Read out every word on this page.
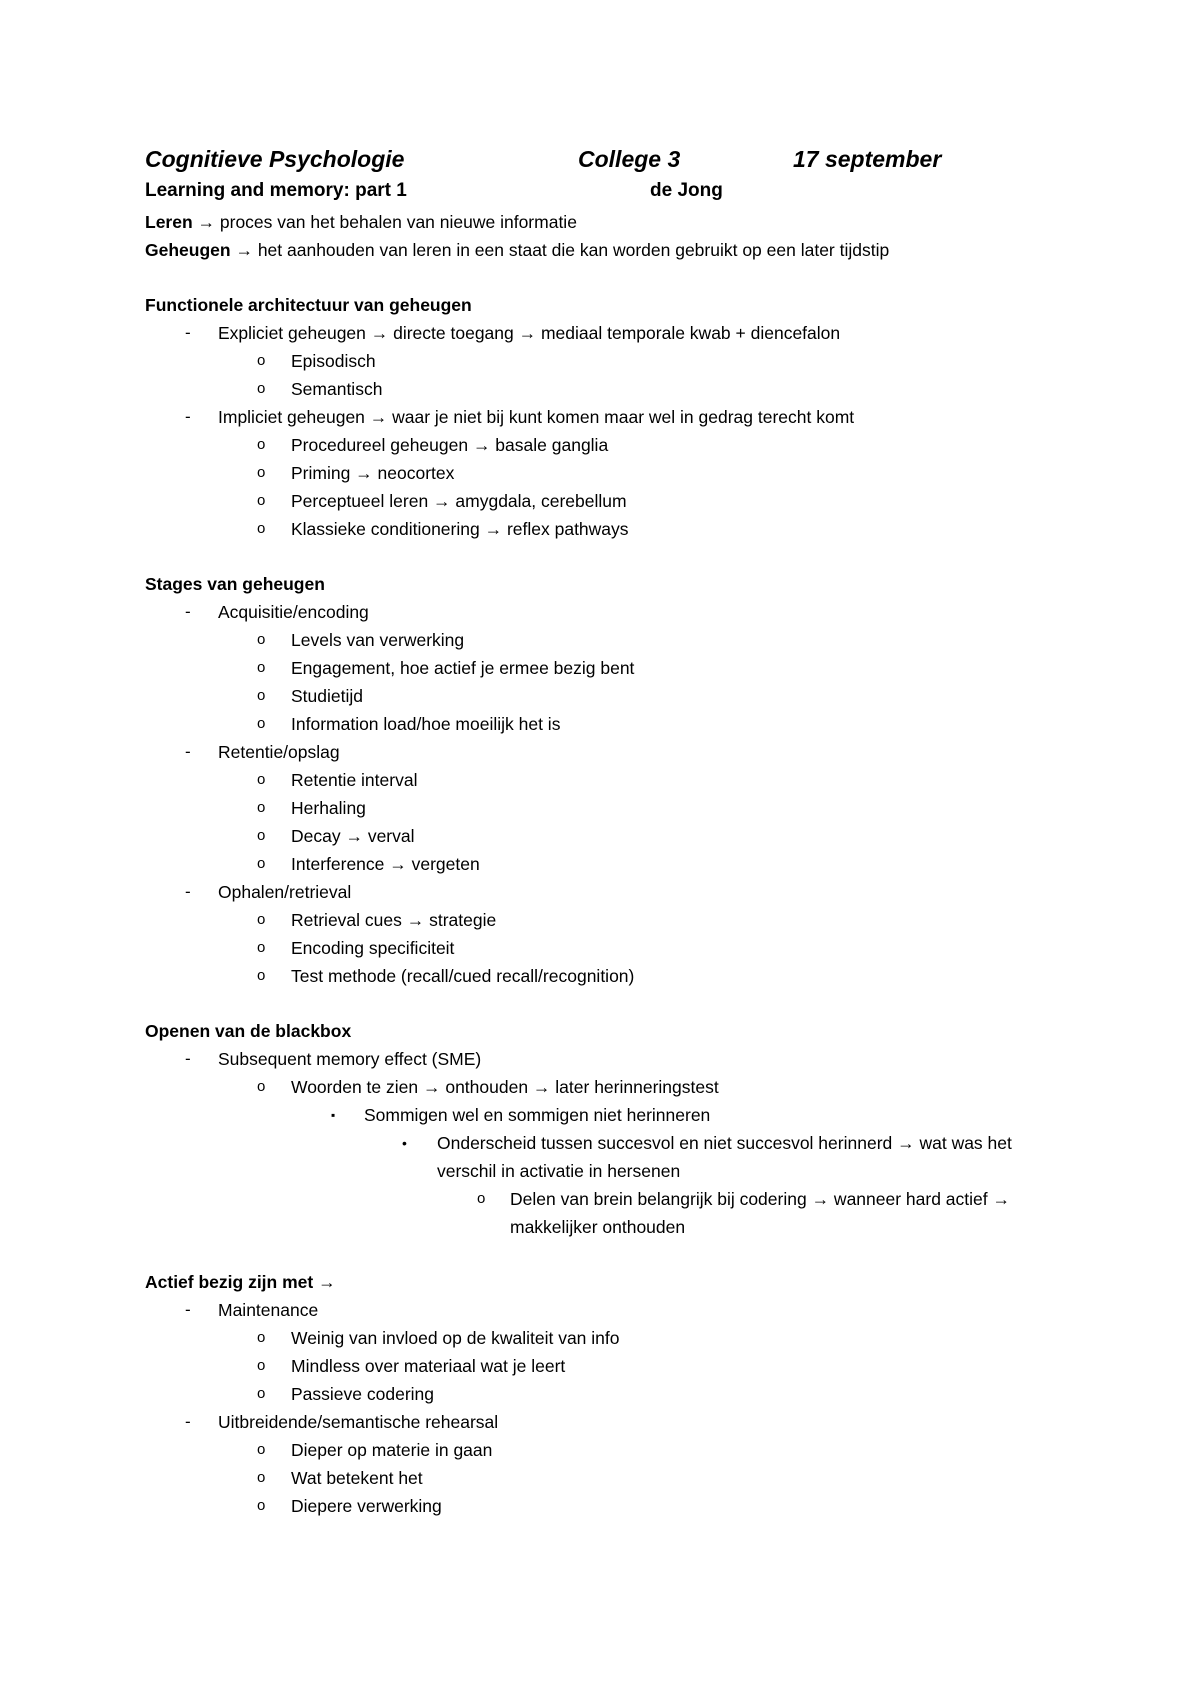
Cognitieve Psychologie	College 3	17 september
Learning and memory: part 1	de Jong
Leren → proces van het behalen van nieuwe informatie
Geheugen → het aanhouden van leren in een staat die kan worden gebruikt op een later tijdstip
Functionele architectuur van geheugen
- Expliciet geheugen → directe toegang → mediaal temporale kwab + diencefalon
o Episodisch
o Semantisch
- Impliciet geheugen → waar je niet bij kunt komen maar wel in gedrag terecht komt
o Procedureel geheugen → basale ganglia
o Priming → neocortex
o Perceptueel leren → amygdala, cerebellum
o Klassieke conditionering → reflex pathways
Stages van geheugen
- Acquisitie/encoding
o Levels van verwerking
o Engagement, hoe actief je ermee bezig bent
o Studietijd
o Information load/hoe moeilijk het is
- Retentie/opslag
o Retentie interval
o Herhaling
o Decay → verval
o Interference → vergeten
- Ophalen/retrieval
o Retrieval cues → strategie
o Encoding specificiteit
o Test methode (recall/cued recall/recognition)
Openen van de blackbox
- Subsequent memory effect (SME)
o Woorden te zien → onthouden → later herinneringstest
▪ Sommigen wel en sommigen niet herinneren
• Onderscheid tussen succesvol en niet succesvol herinnerd → wat was het verschil in activatie in hersenen
o Delen van brein belangrijk bij codering → wanneer hard actief → makkelijker onthouden
Actief bezig zijn met →
- Maintenance
o Weinig van invloed op de kwaliteit van info
o Mindless over materiaal wat je leert
o Passieve codering
- Uitbreidende/semantische rehearsal
o Dieper op materie in gaan
o Wat betekent het
o Diepere verwerking
